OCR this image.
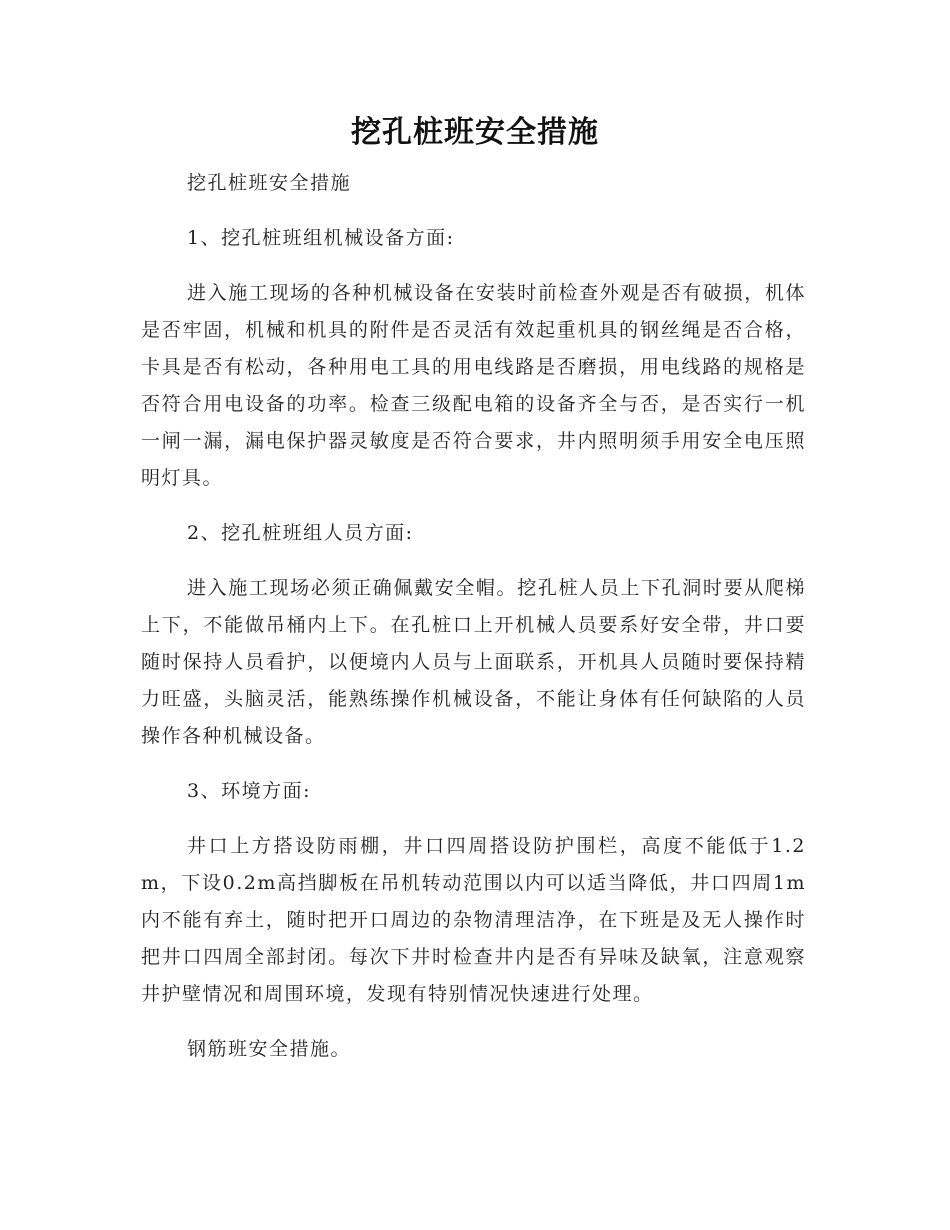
挖孔桩班安全措施

挖孔桩班安全措施

1、挖孔桩班组机械设备方面:

进入施工现场的各种机械设备在安装时前检查外观是否有破损，机体是否牢固，机械和机具的附件是否灵活有效起重机具的钢丝绳是否合格，卡具是否有松动，各种用电工具的用电线路是否磨损，用电线路的规格是否符合用电设备的功率。检查三级配电箱的设备齐全与否，是否实行一机一闸一漏，漏电保护器灵敏度是否符合要求，井内照明须手用安全电压照明灯具。

2、挖孔桩班组人员方面:

进入施工现场必须正确佩戴安全帽。挖孔桩人员上下孔洞时要从爬梯上下，不能做吊桶内上下。在孔桩口上开机械人员要系好安全带，井口要随时保持人员看护，以便境内人员与上面联系，开机具人员随时要保持精力旺盛，头脑灵活，能熟练操作机械设备，不能让身体有任何缺陷的人员操作各种机械设备。

3、环境方面:

井口上方搭设防雨棚，井口四周搭设防护围栏，高度不能低于1.2m，下设0.2m高挡脚板在吊机转动范围以内可以适当降低，井口四周1m内不能有弃土，随时把开口周边的杂物清理洁净，在下班是及无人操作时把井口四周全部封闭。每次下井时检查井内是否有异味及缺氧，注意观察井护壁情况和周围环境，发现有特别情况快速进行处理。

钢筋班安全措施。
